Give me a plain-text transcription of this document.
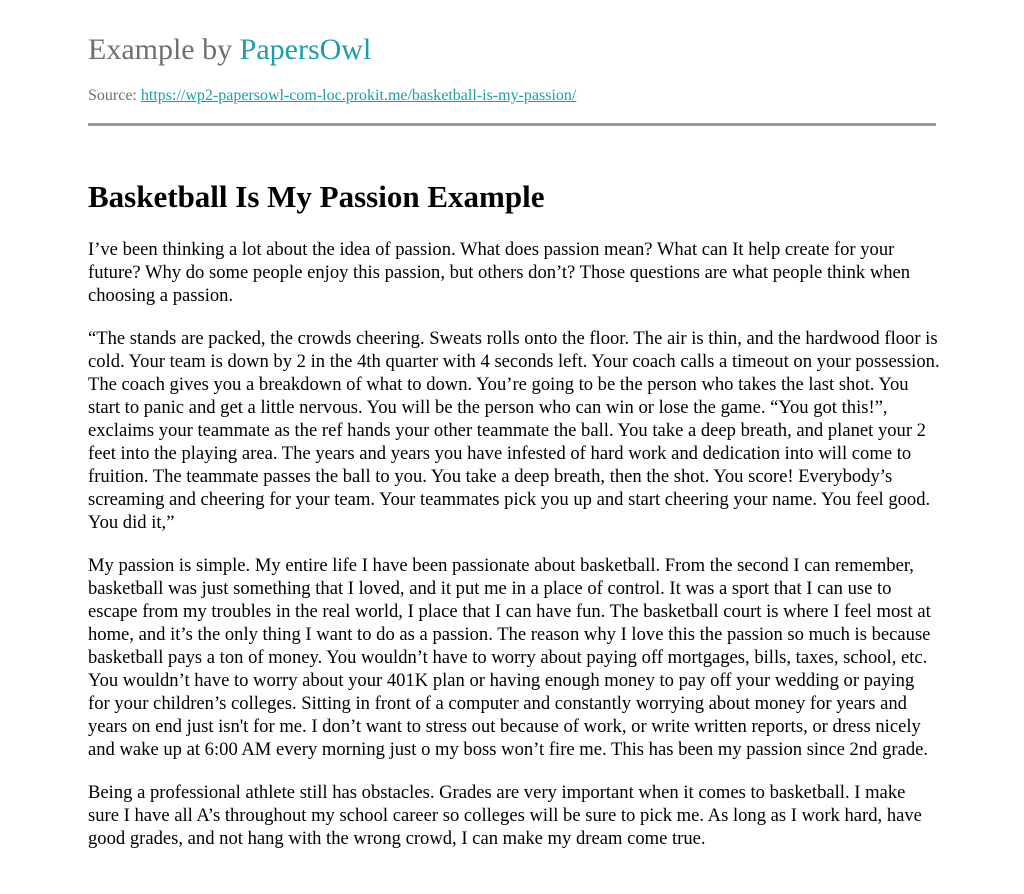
Example by PapersOwl
Source: https://wp2-papersowl-com-loc.prokit.me/basketball-is-my-passion/
Basketball Is My Passion Example

I’ve been thinking a lot about the idea of passion. What does passion mean? What can It help create for your future? Why do some people enjoy this passion, but others don’t? Those questions are what people think when choosing a passion.

“The stands are packed, the crowds cheering. Sweats rolls onto the floor. The air is thin, and the hardwood floor is cold. Your team is down by 2 in the 4th quarter with 4 seconds left. Your coach calls a timeout on your possession. The coach gives you a breakdown of what to down. You’re going to be the person who takes the last shot. You start to panic and get a little nervous. You will be the person who can win or lose the game. “You got this!”, exclaims your teammate as the ref hands your other teammate the ball. You take a deep breath, and planet your 2 feet into the playing area. The years and years you have infested of hard work and dedication into will come to fruition. The teammate passes the ball to you. You take a deep breath, then the shot. You score! Everybody’s screaming and cheering for your team. Your teammates pick you up and start cheering your name. You feel good. You did it,”

My passion is simple. My entire life I have been passionate about basketball. From the second I can remember, basketball was just something that I loved, and it put me in a place of control. It was a sport that I can use to escape from my troubles in the real world, I place that I can have fun. The basketball court is where I feel most at home, and it’s the only thing I want to do as a passion. The reason why I love this the passion so much is because basketball pays a ton of money. You wouldn’t have to worry about paying off mortgages, bills, taxes, school, etc. You wouldn’t have to worry about your 401K plan or having enough money to pay off your wedding or paying for your children’s colleges. Sitting in front of a computer and constantly worrying about money for years and years on end just isn't for me. I don’t want to stress out because of work, or write written reports, or dress nicely and wake up at 6:00 AM every morning just o my boss won’t fire me. This has been my passion since 2nd grade.

Being a professional athlete still has obstacles. Grades are very important when it comes to basketball. I make sure I have all A’s throughout my school career so colleges will be sure to pick me. As long as I work hard, have good grades, and not hang with the wrong crowd, I can make my dream come true.
